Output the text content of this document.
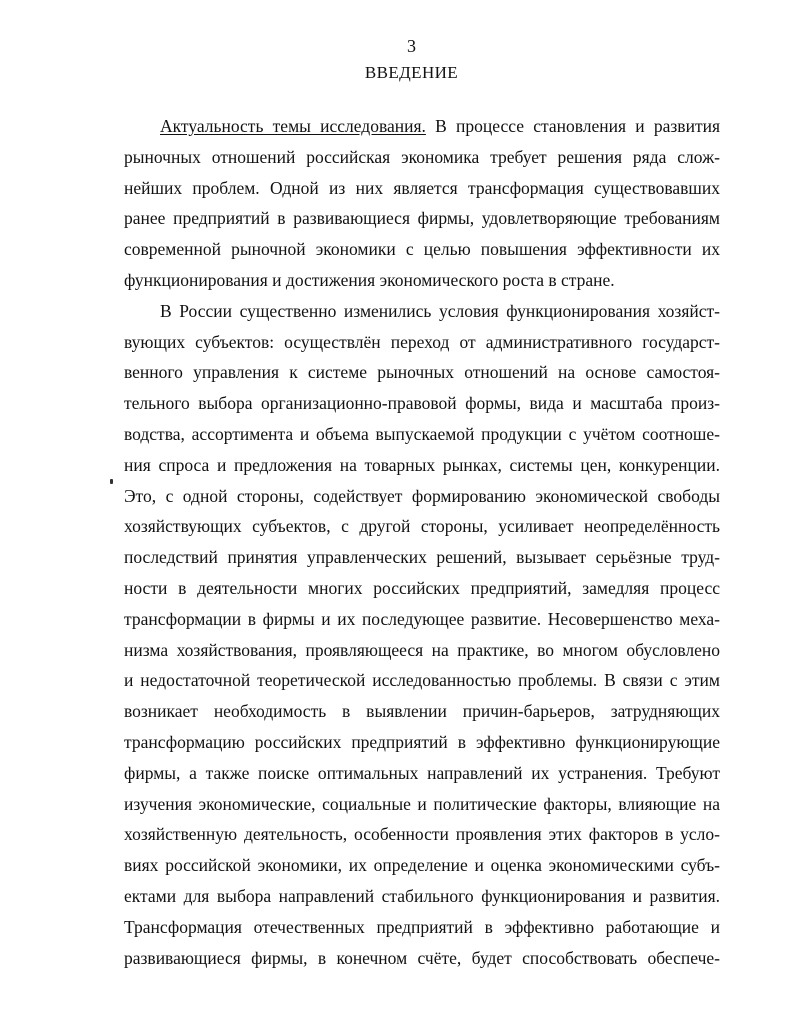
3
ВВЕДЕНИЕ
Актуальность темы исследования. В процессе становления и развития
рыночных отношений российская экономика требует решения ряда слож-
нейших проблем. Одной из них является трансформация существовавших
ранее предприятий в развивающиеся фирмы, удовлетворяющие требованиям
современной рыночной экономики с целью повышения эффективности их
функционирования и достижения экономического роста в стране.
В России существенно изменились условия функционирования хозяйст-
вующих субъектов: осуществлён переход от административного государст-
венного управления к системе рыночных отношений на основе самостоя-
тельного выбора организационно-правовой формы, вида и масштаба произ-
водства, ассортимента и объема выпускаемой продукции с учётом соотноше-
ния спроса и предложения на товарных рынках, системы цен, конкуренции.
Это, с одной стороны, содействует формированию экономической свободы
хозяйствующих субъектов, с другой стороны, усиливает неопределённость
последствий принятия управленческих решений, вызывает серьёзные труд-
ности в деятельности многих российских предприятий, замедляя процесс
трансформации в фирмы и их последующее развитие. Несовершенство меха-
низма хозяйствования, проявляющееся на практике, во многом обусловлено
и недостаточной теоретической исследованностью проблемы. В связи с этим
возникает необходимость в выявлении причин-барьеров, затрудняющих
трансформацию российских предприятий в эффективно функционирующие
фирмы, а также поиске оптимальных направлений их устранения. Требуют
изучения экономические, социальные и политические факторы, влияющие на
хозяйственную деятельность, особенности проявления этих факторов в усло-
виях российской экономики, их определение и оценка экономическими субъ-
ектами для выбора направлений стабильного функционирования и развития.
Трансформация отечественных предприятий в эффективно работающие и
развивающиеся фирмы, в конечном счёте, будет способствовать обеспече-
